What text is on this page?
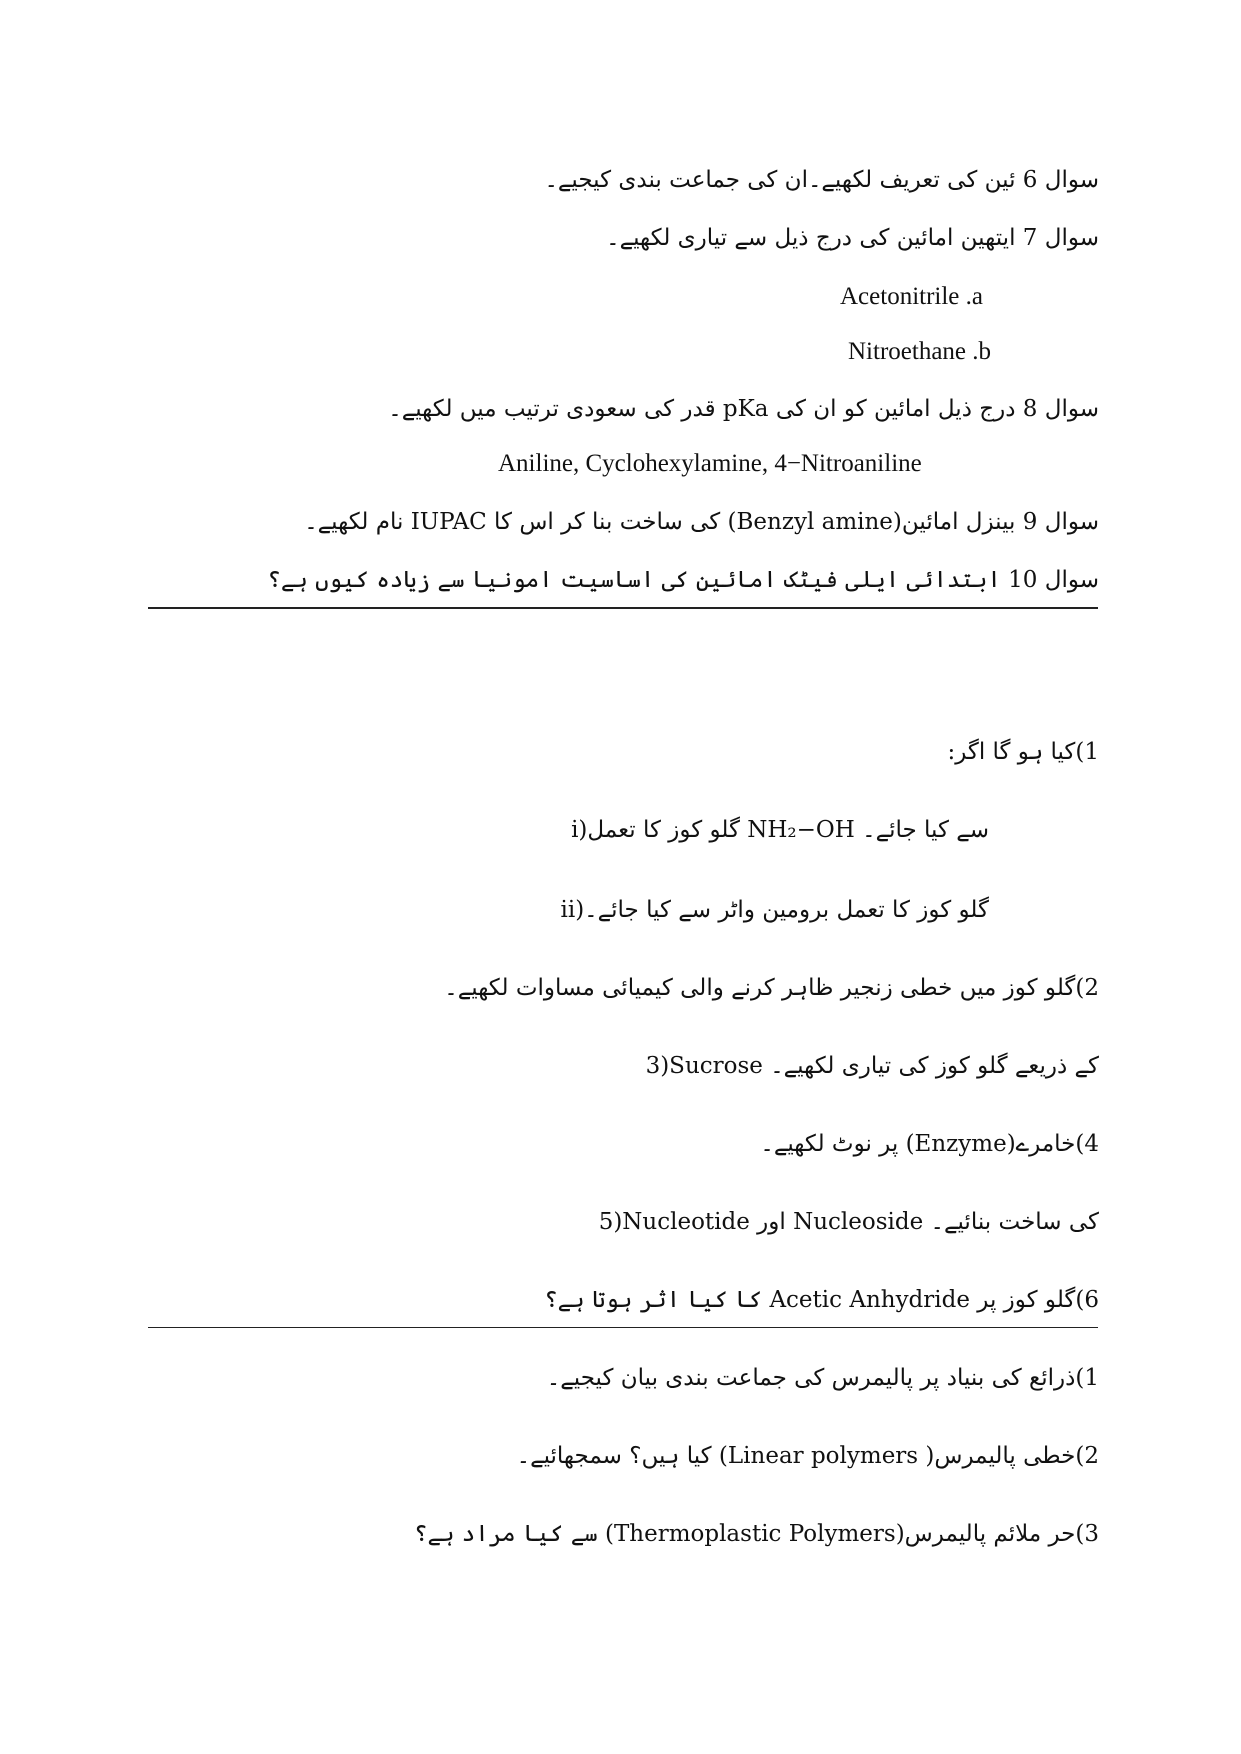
سوال 6 ئین کی تعریف لکھیے۔ان کی جماعت بندی کیجیے۔
سوال 7 ایتھین امائین کی درج ذیل سے تیاری لکھیے۔
Acetonitrile .a
Nitroethane .b
سوال 8 درج ذیل امائین کو ان کی pKa قدر کی سعودی ترتیب میں لکھیے۔
Aniline, Cyclohexylamine, 4−Nitroaniline
سوال 9 بینزل امائین(Benzyl amine) کی ساخت بنا کر اس کا IUPAC نام لکھیے۔
سوال 10 ابتدائی ایلی فیٹک امائین کی اساسیت امونیا سے زیادہ کیوں ہے؟
1)کیا ہو گا اگر:
i)گلو کوز کا تعمل NH₂−OH سے کیا جائے۔
ii)گلو کوز کا تعمل برومین واٹر سے کیا جائے۔
2)گلو کوز میں خطی زنجیر ظاہر کرنے والی کیمیائی مساوات لکھیے۔
3)Sucrose کے ذریعے گلو کوز کی تیاری لکھیے۔
4)خامرے(Enzyme) پر نوٹ لکھیے۔
5)Nucleotide اور Nucleoside کی ساخت بنائیے۔
6)گلو کوز پر Acetic Anhydride کا کیا اثر ہوتا ہے؟
1)ذرائع کی بنیاد پر پالیمرس کی جماعت بندی بیان کیجیے۔
2)خطی پالیمرس( Linear polymers) کیا ہیں؟ سمجھائیے۔
3)حر ملائم پالیمرس(Thermoplastic Polymers) سے کیا مراد ہے؟
